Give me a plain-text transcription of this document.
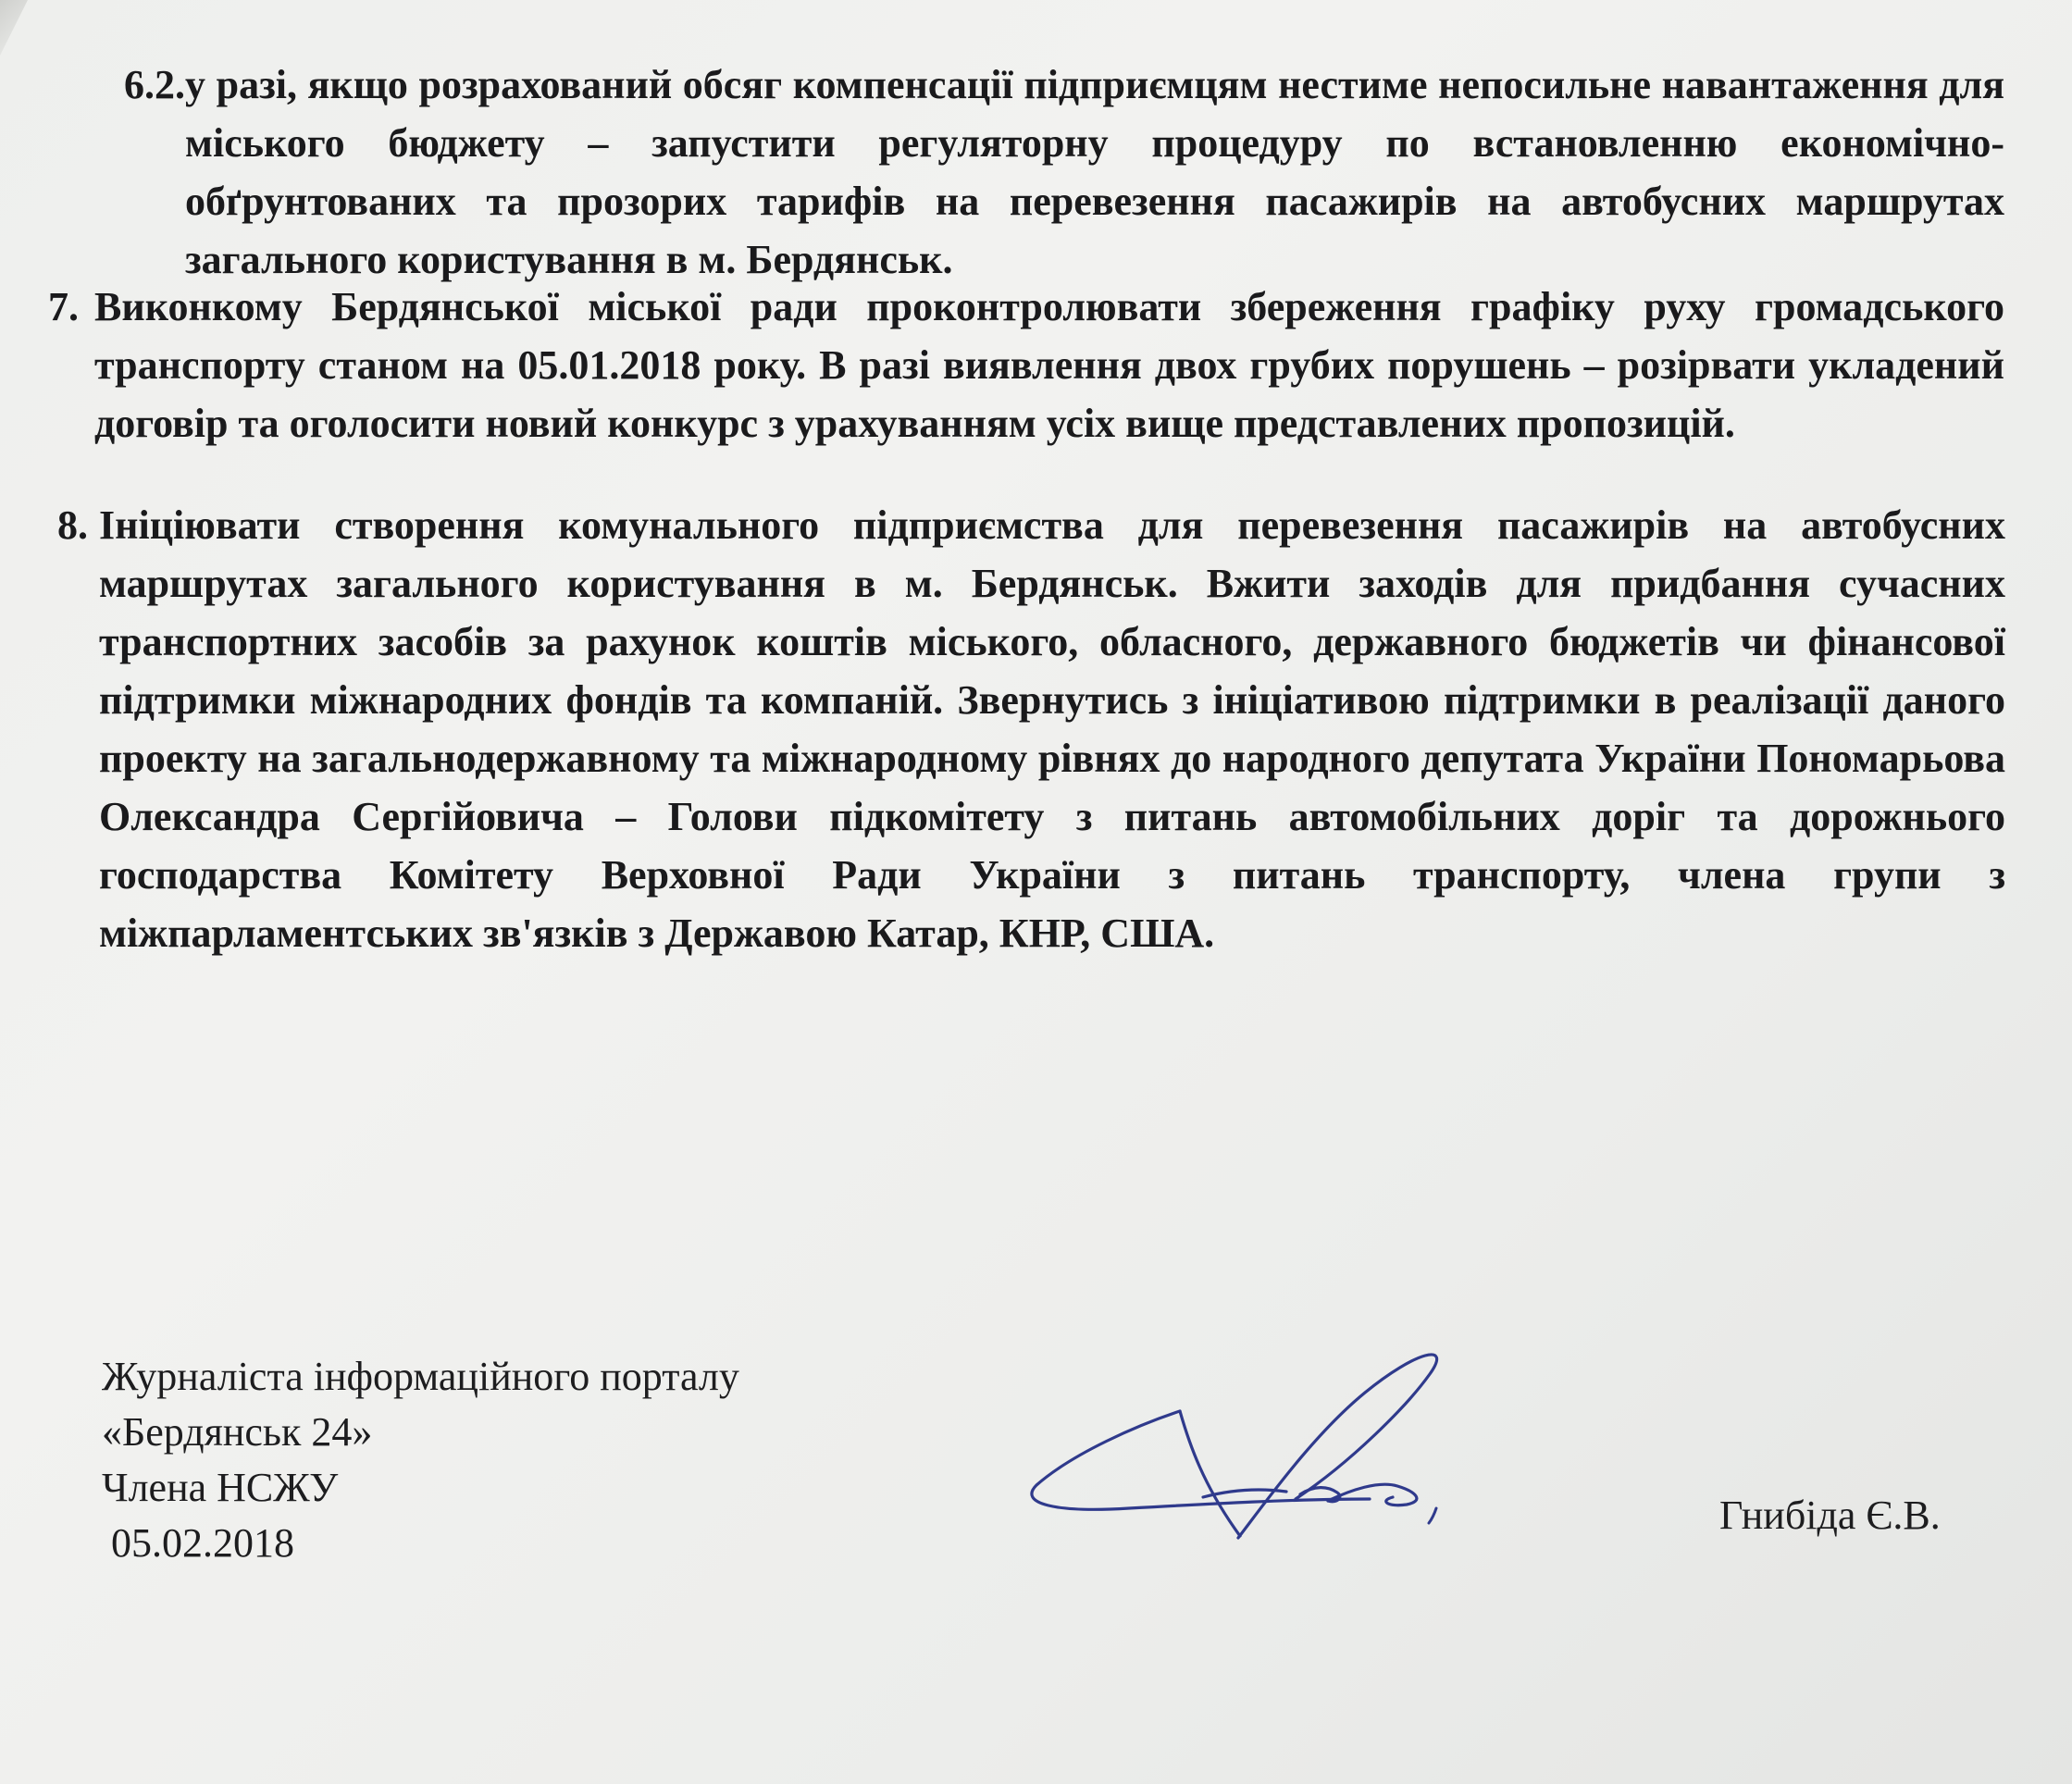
6.2. у разі, якщо розрахований обсяг компенсації підприємцям нестиме непосильне навантаження для міського бюджету – запустити регуляторну процедуру по встановленню економічно-обґрунтованих та прозорих тарифів на перевезення пасажирів на автобусних маршрутах загального користування в м. Бердянськ.
7. Виконкому Бердянської міської ради проконтролювати збереження графіку руху громадського транспорту станом на 05.01.2018 року. В разі виявлення двох грубих порушень – розірвати укладений договір та оголосити новий конкурс з урахуванням усіх вище представлених пропозицій.
8. Ініціювати створення комунального підприємства для перевезення пасажирів на автобусних маршрутах загального користування в м. Бердянськ. Вжити заходів для придбання сучасних транспортних засобів за рахунок коштів міського, обласного, державного бюджетів чи фінансової підтримки міжнародних фондів та компаній. Звернутись з ініціативою підтримки в реалізації даного проекту на загальнодержавному та міжнародному рівнях до народного депутата України Пономарьова Олександра Сергійовича – Голови підкомітету з питань автомобільних доріг та дорожнього господарства Комітету Верховної Ради України з питань транспорту, члена групи з міжпарламентських зв'язків з Державою Катар, КНР, США.
Журналіста інформаційного порталу
«Бердянськ 24»
Члена НСЖУ
05.02.2018
Гнибіда Є.В.
